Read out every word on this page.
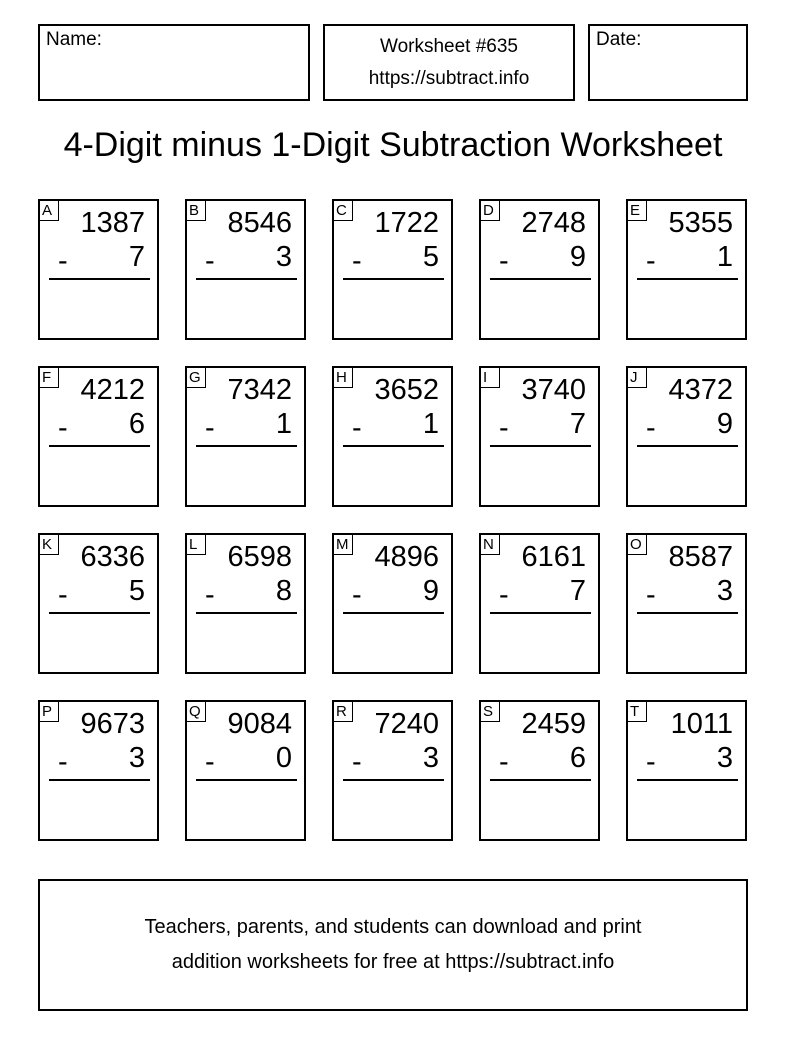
Name:	Worksheet #635
https://subtract.info
Date:
4-Digit minus 1-Digit Subtraction Worksheet
A 1387
- 7
B 8546
- 3
C 1722
- 5
D 2748
- 9
E 5355
- 1
F 4212
- 6
G 7342
- 1
H 3652
- 1
I	3740
- 7
J	4372
- 9
K 6336
- 5
L 6598
- 8
M 4896
- 9
N 6161
- 7
O 8587
- 3
P 9673
- 3
Q 9084
- 0
R 7240
- 3
S 2459
- 6
T 1011
- 3
Teachers, parents, and students can download and print
addition worksheets for free at https://subtract.info
